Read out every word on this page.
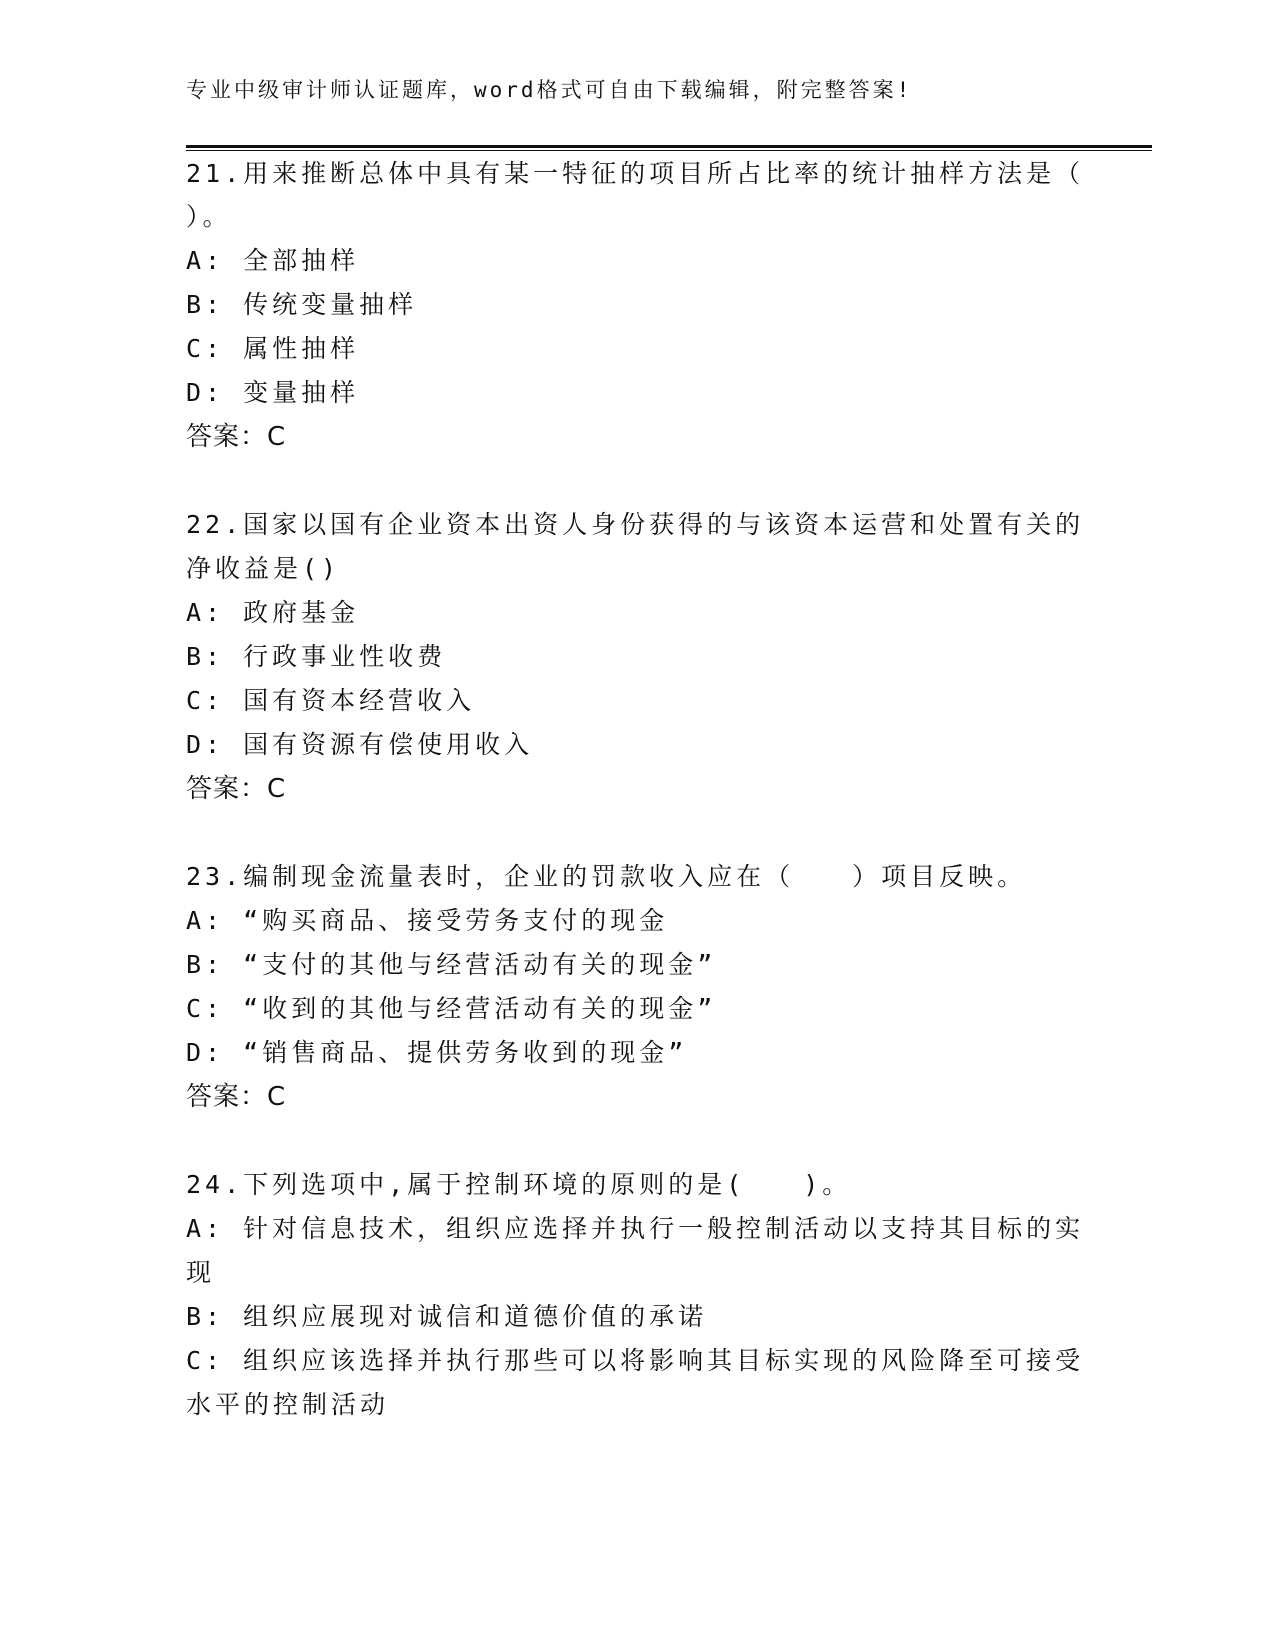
专业中级审计师认证题库，word格式可自由下载编辑，附完整答案!
21.用来推断总体中具有某一特征的项目所占比率的统计抽样方法是（
）。
A: 全部抽样
B: 传统变量抽样
C: 属性抽样
D: 变量抽样
答案：C
22.国家以国有企业资本出资人身份获得的与该资本运营和处置有关的
净收益是()
A: 政府基金
B: 行政事业性收费
C: 国有资本经营收入
D: 国有资源有偿使用收入
答案：C
23.编制现金流量表时，企业的罚款收入应在（　　）项目反映。
A: “购买商品、接受劳务支付的现金
B: “支付的其他与经营活动有关的现金”
C: “收到的其他与经营活动有关的现金”
D: “销售商品、提供劳务收到的现金”
答案：C
24.下列选项中,属于控制环境的原则的是(　　)。
A: 针对信息技术，组织应选择并执行一般控制活动以支持其目标的实
现
B: 组织应展现对诚信和道德价值的承诺
C: 组织应该选择并执行那些可以将影响其目标实现的风险降至可接受
水平的控制活动
